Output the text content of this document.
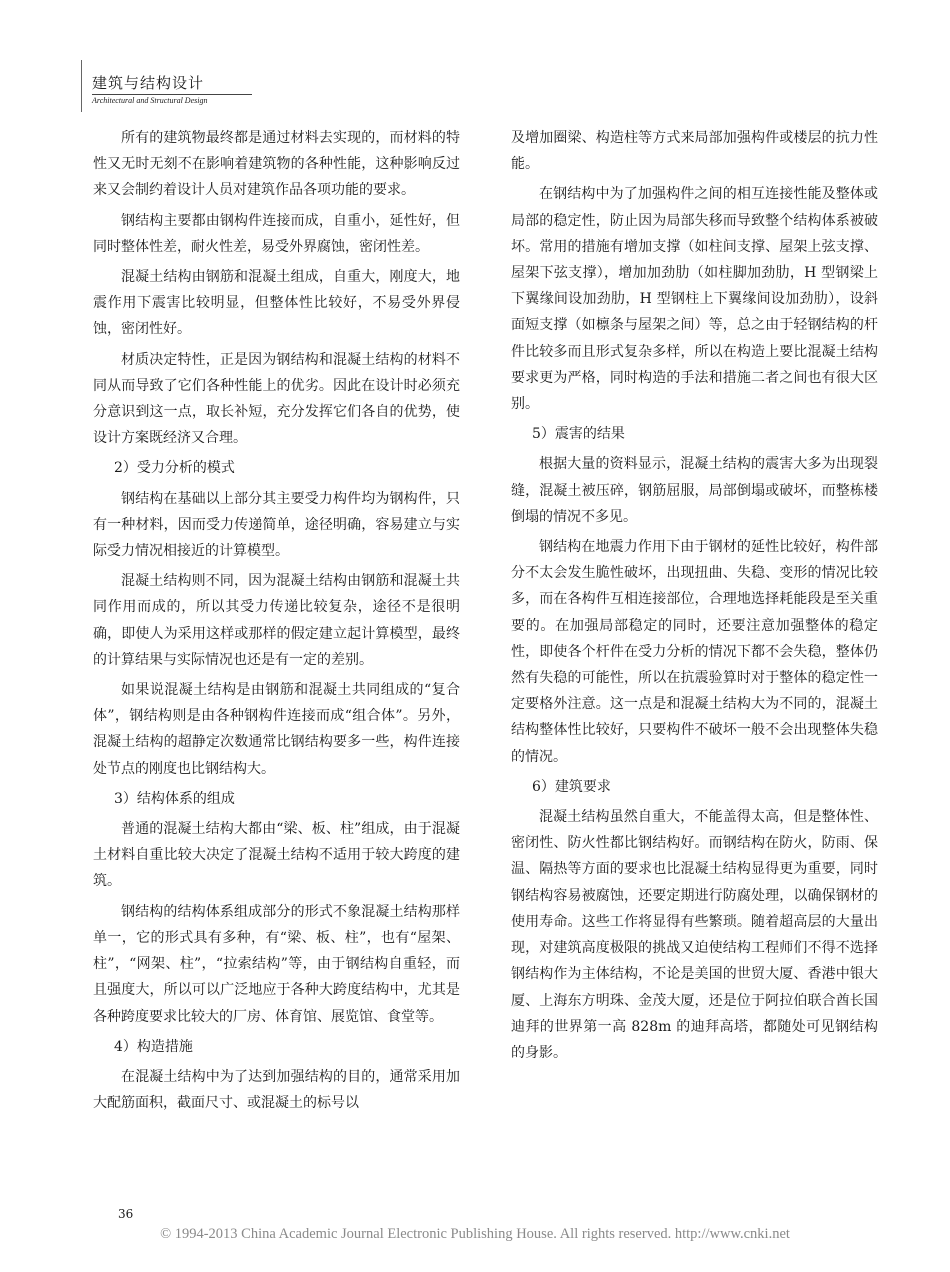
建筑与结构设计
Architectural and Structural Design

所有的建筑物最终都是通过材料去实现的，而材料的特性又无时无刻不在影响着建筑物的各种性能，这种影响反过来又会制约着设计人员对建筑作品各项功能的要求。

钢结构主要都由钢构件连接而成，自重小，延性好，但同时整体性差，耐火性差，易受外界腐蚀，密闭性差。

混凝土结构由钢筋和混凝土组成，自重大，刚度大，地震作用下震害比较明显，但整体性比较好，不易受外界侵蚀，密闭性好。

材质决定特性，正是因为钢结构和混凝土结构的材料不同从而导致了它们各种性能上的优劣。因此在设计时必须充分意识到这一点，取长补短，充分发挥它们各自的优势，使设计方案既经济又合理。

2）受力分析的模式

钢结构在基础以上部分其主要受力构件均为钢构件，只有一种材料，因而受力传递简单，途径明确，容易建立与实际受力情况相接近的计算模型。

混凝土结构则不同，因为混凝土结构由钢筋和混凝土共同作用而成的，所以其受力传递比较复杂，途径不是很明确，即使人为采用这样或那样的假定建立起计算模型，最终的计算结果与实际情况也还是有一定的差别。

如果说混凝土结构是由钢筋和混凝土共同组成的“复合体”，钢结构则是由各种钢构件连接而成“组合体”。另外，混凝土结构的超静定次数通常比钢结构要多一些，构件连接处节点的刚度也比钢结构大。

3）结构体系的组成

普通的混凝土结构大都由“梁、板、柱”组成，由于混凝土材料自重比较大决定了混凝土结构不适用于较大跨度的建筑。

钢结构的结构体系组成部分的形式不象混凝土结构那样单一，它的形式具有多种，有“梁、板、柱”，也有“屋架、柱”，“网架、柱”，“拉索结构”等，由于钢结构自重轻，而且强度大，所以可以广泛地应于各种大跨度结构中，尤其是各种跨度要求比较大的厂房、体育馆、展览馆、食堂等。

4）构造措施

在混凝土结构中为了达到加强结构的目的，通常采用加大配筋面积，截面尺寸、或混凝土的标号以

及增加圈梁、构造柱等方式来局部加强构件或楼层的抗力性能。

在钢结构中为了加强构件之间的相互连接性能及整体或局部的稳定性，防止因为局部失移而导致整个结构体系被破坏。常用的措施有增加支撑（如柱间支撑、屋架上弦支撑、屋架下弦支撑），增加加劲肋（如柱脚加劲肋，H 型钢梁上下翼缘间设加劲肋，H 型钢柱上下翼缘间设加劲肋），设斜面短支撑（如檩条与屋架之间）等，总之由于轻钢结构的杆件比较多而且形式复杂多样，所以在构造上要比混凝土结构要求更为严格，同时构造的手法和措施二者之间也有很大区别。

5）震害的结果

根据大量的资料显示，混凝土结构的震害大多为出现裂缝，混凝土被压碎，钢筋屈服，局部倒塌或破坏，而整栋楼倒塌的情况不多见。

钢结构在地震力作用下由于钢材的延性比较好，构件部分不太会发生脆性破坏，出现扭曲、失稳、变形的情况比较多，而在各构件互相连接部位，合理地选择耗能段是至关重要的。在加强局部稳定的同时，还要注意加强整体的稳定性，即使各个杆件在受力分析的情况下都不会失稳，整体仍然有失稳的可能性，所以在抗震验算时对于整体的稳定性一定要格外注意。这一点是和混凝土结构大为不同的，混凝土结构整体性比较好，只要构件不破坏一般不会出现整体失稳的情况。

6）建筑要求

混凝土结构虽然自重大，不能盖得太高，但是整体性、密闭性、防火性都比钢结构好。而钢结构在防火，防雨、保温、隔热等方面的要求也比混凝土结构显得更为重要，同时钢结构容易被腐蚀，还要定期进行防腐处理，以确保钢材的使用寿命。这些工作将显得有些繁琐。随着超高层的大量出现，对建筑高度极限的挑战又迫使结构工程师们不得不选择钢结构作为主体结构，不论是美国的世贸大厦、香港中银大厦、上海东方明珠、金茂大厦，还是位于阿拉伯联合酋长国迪拜的世界第一高 828m 的迪拜高塔，都随处可见钢结构的身影。

36
© 1994-2013 China Academic Journal Electronic Publishing House. All rights reserved. http://www.cnki.net
